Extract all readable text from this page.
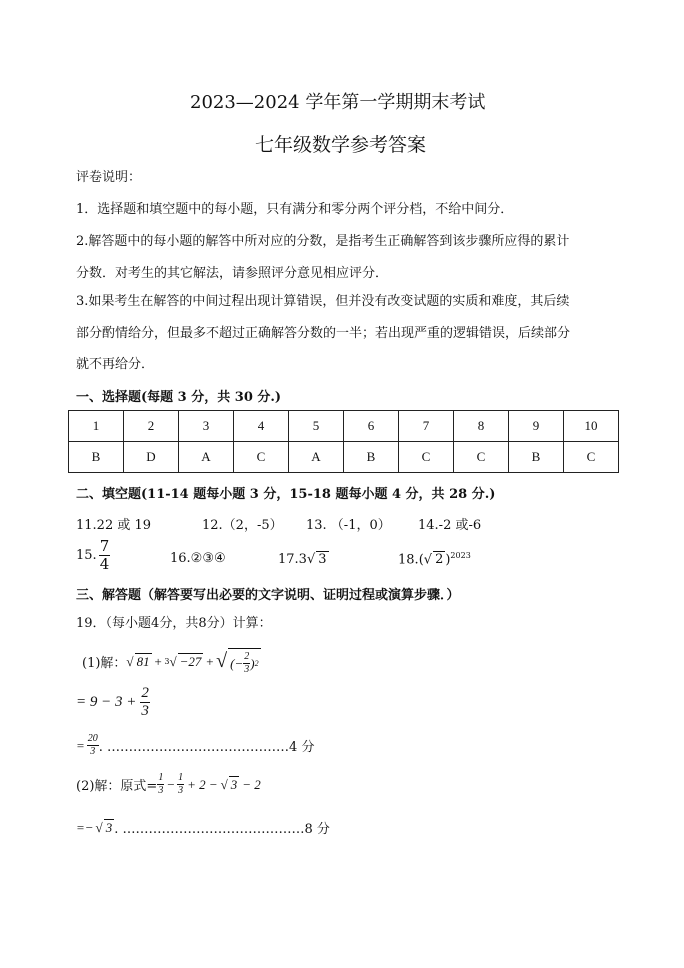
2023—2024 学年第一学期期末考试
七年级数学参考答案
评卷说明：
1．选择题和填空题中的每小题，只有满分和零分两个评分档，不给中间分．
2.解答题中的每小题的解答中所对应的分数，是指考生正确解答到该步骤所应得的累计
分数．对考生的其它解法，请参照评分意见相应评分．
3.如果考生在解答的中间过程出现计算错误，但并没有改变试题的实质和难度，其后续
部分酌情给分，但最多不超过正确解答分数的一半；若出现严重的逻辑错误，后续部分
就不再给分．
一、选择题(每题 3 分，共 30 分.)
1	2	3	4	5	6	7	8	9	10
B	D	A	C	A	B	C	C	B	C
二、填空题(11-14 题每小题 3 分，15-18 题每小题 4 分，共 28 分.)
11.22 或 19	12.（2，-5） 13. （-1，0） 14.-2 或-6
15. $\frac{7}{4}$	16.②③④	17.3√ 3	18.(√ 2 )$^{2023}$
三、解答题（解答要写出必要的文字说明、证明过程或演算步骤．）
19．（每小题4分，共8分）计算：
(1)解： √ 81 + 3 √ −27 + √ (− $\frac{2}{3}$ ) 2
= $9 - 3 + \frac{2}{3}$
= $\frac{20}{3}$ . ……………………………………4 分
(2)解：原式= $\frac{1}{3} - \frac{1}{3} + 2$ − √ 3 − 2
=− √ 3 . ……………………………………8 分
